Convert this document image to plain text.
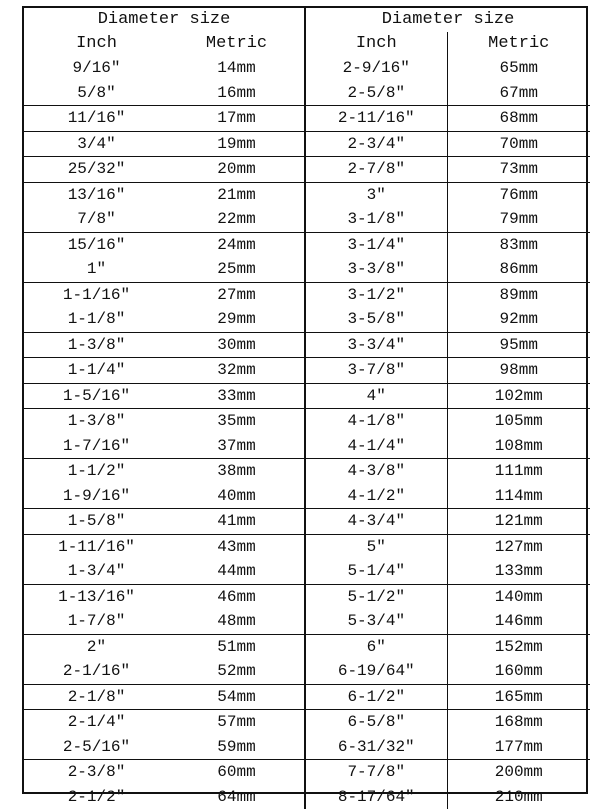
Diameter size		Diameter size	
Inch	Metric	Inch	Metric
9/16″	14mm	2-9/16″	65mm
5/8″	16mm	2-5/8″	67mm
11/16″	17mm	2-11/16″	68mm
3/4″	19mm	2-3/4″	70mm
25/32″	20mm	2-7/8″	73mm
13/16″	21mm	3″	76mm
7/8″	22mm	3-1/8″	79mm
15/16″	24mm	3-1/4″	83mm
1″	25mm	3-3/8″	86mm
1-1/16″	27mm	3-1/2″	89mm
1-1/8″	29mm	3-5/8″	92mm
1-3/8″	30mm	3-3/4″	95mm
1-1/4″	32mm	3-7/8″	98mm
1-5/16″	33mm	4″	102mm
1-3/8″	35mm	4-1/8″	105mm
1-7/16″	37mm	4-1/4″	108mm
1-1/2″	38mm	4-3/8″	111mm
1-9/16″	40mm	4-1/2″	114mm
1-5/8″	41mm	4-3/4″	121mm
1-11/16″	43mm	5″	127mm
1-3/4″	44mm	5-1/4″	133mm
1-13/16″	46mm	5-1/2″	140mm
1-7/8″	48mm	5-3/4″	146mm
2″	51mm	6″	152mm
2-1/16″	52mm	6-19/64″	160mm
2-1/8″	54mm	6-1/2″	165mm
2-1/4″	57mm	6-5/8″	168mm
2-5/16″	59mm	6-31/32″	177mm
2-3/8″	60mm	7-7/8″	200mm
2-1/2″	64mm	8-17/64″	210mm
